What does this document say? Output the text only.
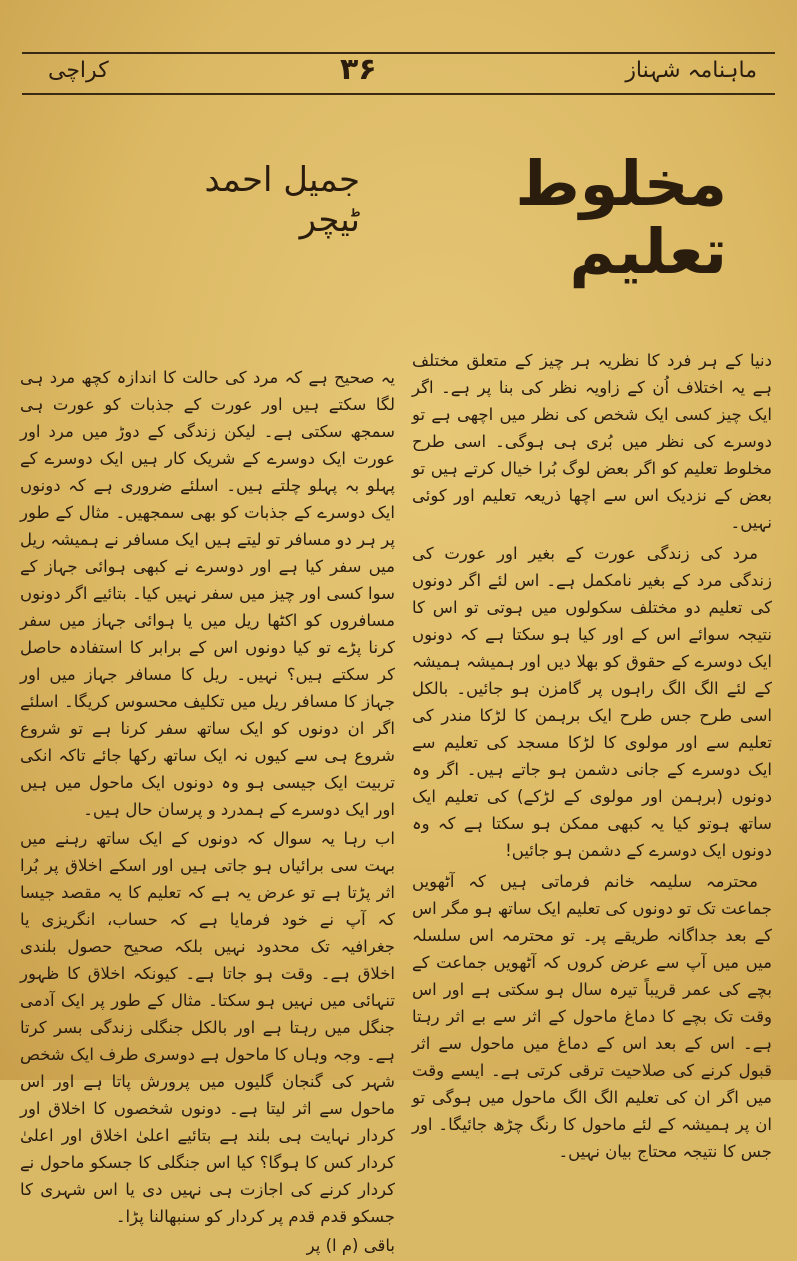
ماہنامہ شہناز
۳۶
کراچی
مخلوط تعلیم
جمیل احمد ٹیچر

دنیا کے ہر فرد کا نظریہ ہر چیز کے متعلق مختلف ہے یہ اختلاف اُن کے زاویہ نظر کی بنا پر ہے۔ اگر ایک چیز کسی ایک شخص کی نظر میں اچھی ہے تو دوسرے کی نظر میں بُری ہی ہوگی۔ اسی طرح مخلوط تعلیم کو اگر بعض لوگ بُرا خیال کرتے ہیں تو بعض کے نزدیک اس سے اچھا ذریعہ تعلیم اور کوئی نہیں۔

مرد کی زندگی عورت کے بغیر اور عورت کی زندگی مرد کے بغیر نامکمل ہے۔ اس لئے اگر دونوں کی تعلیم دو مختلف سکولوں میں ہوتی تو اس کا نتیجہ سوائے اس کے اور کیا ہو سکتا ہے کہ دونوں ایک دوسرے کے حقوق کو بھلا دیں اور ہمیشہ ہمیشہ کے لئے الگ الگ راہوں پر گامزن ہو جائیں۔ بالکل اسی طرح جس طرح ایک برہمن کا لڑکا مندر کی تعلیم سے اور مولوی کا لڑکا مسجد کی تعلیم سے ایک دوسرے کے جانی دشمن ہو جاتے ہیں۔ اگر وہ دونوں (برہمن اور مولوی کے لڑکے) کی تعلیم ایک ساتھ ہوتو کیا یہ کبھی ممکن ہو سکتا ہے کہ وہ دونوں ایک دوسرے کے دشمن ہو جائیں!

محترمہ سلیمہ خانم فرماتی ہیں کہ آٹھویں جماعت تک تو دونوں کی تعلیم ایک ساتھ ہو مگر اس کے بعد جداگانہ طریقے پر۔ تو محترمہ اس سلسلہ میں میں آپ سے عرض کروں کہ آٹھویں جماعت کے بچے کی عمر قریباً تیرہ سال ہو سکتی ہے اور اس وقت تک بچے کا دماغ ماحول کے اثر سے بے اثر رہتا ہے۔ اس کے بعد اس کے دماغ میں ماحول سے اثر قبول کرنے کی صلاحیت ترقی کرتی ہے۔ ایسے وقت میں اگر ان کی تعلیم الگ الگ ماحول میں ہوگی تو ان پر ہمیشہ کے لئے ماحول کا رنگ چڑھ جائیگا۔ اور جس کا نتیجہ محتاج بیان نہیں۔

یہ صحیح ہے کہ مرد کی حالت کا اندازہ کچھ مرد ہی لگا سکتے ہیں اور عورت کے جذبات کو عورت ہی سمجھ سکتی ہے۔ لیکن زندگی کے دوڑ میں مرد اور عورت ایک دوسرے کے شریک کار ہیں ایک دوسرے کے پہلو بہ پہلو چلتے ہیں۔ اسلئے ضروری ہے کہ دونوں ایک دوسرے کے جذبات کو بھی سمجھیں۔ مثال کے طور پر ہر دو مسافر تو لیتے ہیں ایک مسافر نے ہمیشہ ریل میں سفر کیا ہے اور دوسرے نے کبھی ہوائی جہاز کے سوا کسی اور چیز میں سفر نہیں کیا۔ بتائیے اگر دونوں مسافروں کو اکٹھا ریل میں یا ہوائی جہاز میں سفر کرنا پڑے تو کیا دونوں اس کے برابر کا استفادہ حاصل کر سکتے ہیں؟ نہیں۔ ریل کا مسافر جہاز میں اور جہاز کا مسافر ریل میں تکلیف محسوس کریگا۔ اسلئے اگر ان دونوں کو ایک ساتھ سفر کرنا ہے تو شروع شروع ہی سے کیوں نہ ایک ساتھ رکھا جائے تاکہ انکی تربیت ایک جیسی ہو وہ دونوں ایک ماحول میں ہیں اور ایک دوسرے کے ہمدرد و پرسان حال ہیں۔

اب رہا یہ سوال کہ دونوں کے ایک ساتھ رہنے میں بہت سی برائیاں ہو جاتی ہیں اور اسکے اخلاق پر بُرا اثر پڑتا ہے تو عرض یہ ہے کہ تعلیم کا یہ مقصد جیسا کہ آپ نے خود فرمایا ہے کہ حساب، انگریزی یا جغرافیہ تک محدود نہیں بلکہ صحیح حصول بلندی اخلاق ہے۔ وقت ہو جاتا ہے۔ کیونکہ اخلاق کا ظہور تنہائی میں نہیں ہو سکتا۔ مثال کے طور پر ایک آدمی جنگل میں رہتا ہے اور بالکل جنگلی زندگی بسر کرتا ہے۔ وجہ وہاں کا ماحول ہے دوسری طرف ایک شخص شہر کی گنجان گلیوں میں پرورش پاتا ہے اور اس ماحول سے اثر لیتا ہے۔ دونوں شخصوں کا اخلاق اور کردار نہایت ہی بلند ہے بتائیے اعلیٰ اخلاق اور اعلیٰ کردار کس کا ہوگا؟ کیا اس جنگلی کا جسکو ماحول نے کردار کرنے کی اجازت ہی نہیں دی یا اس شہری کا جسکو قدم قدم پر کردار کو سنبھالنا پڑا۔

باقی (م ا) پر
